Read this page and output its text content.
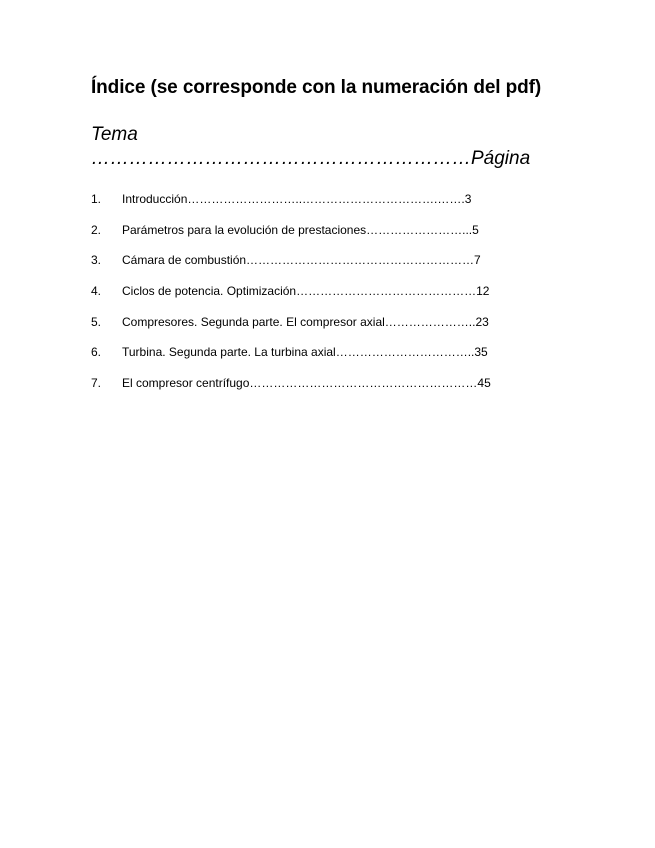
Índice (se corresponde con la numeración del pdf)
Tema
……………………………………………………Página
1. Introducción………………………..…………………………….…….3
2. Parámetros para la evolución de prestaciones……………………...5
3. Cámara de combustión…………………………………………………7
4. Ciclos de potencia. Optimización………………………………………12
5. Compresores. Segunda parte. El compresor axial…………………..23
6. Turbina. Segunda parte. La turbina axial……………………………..35
7. El compresor centrífugo…………………………………………………45
